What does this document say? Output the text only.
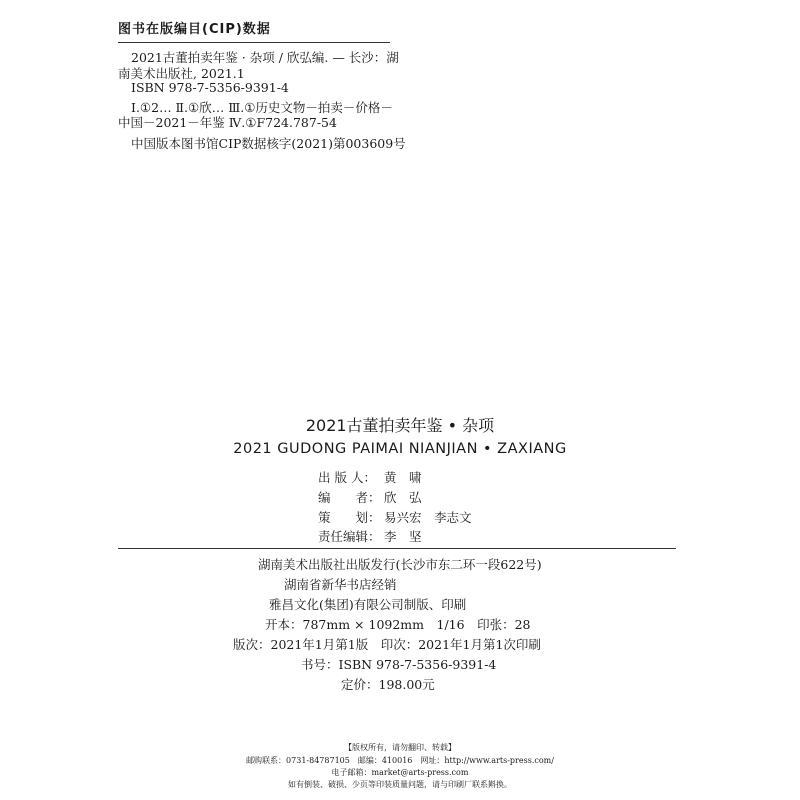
图书在版编目(CIP)数据
2021古董拍卖年鉴 · 杂项 / 欣弘编. — 长沙：湖
南美术出版社, 2021.1
ISBN 978-7-5356-9391-4
Ⅰ.①2… Ⅱ.①欣… Ⅲ.①历史文物－拍卖－价格－
中国－2021－年鉴 Ⅳ.①F724.787-54
中国版本图书馆CIP数据核字(2021)第003609号
2021古董拍卖年鉴 • 杂项
2021 GUDONG PAIMAI NIANJIAN • ZAXIANG
出 版 人： 黄　啸
编　　者： 欣　弘
策　　划： 易兴宏　李志文
责任编辑： 李　坚
湖南美术出版社出版发行(长沙市东二环一段622号)
湖南省新华书店经销
雅昌文化(集团)有限公司制版、印刷
开本：787mm × 1092mm　1/16　印张：28
版次：2021年1月第1版　印次：2021年1月第1次印刷
书号：ISBN 978-7-5356-9391-4
定价：198.00元
【版权所有，请勿翻印、转载】
邮购联系：0731-84787105　邮编：410016　网址：http://www.arts-press.com/
电子邮箱：market@arts-press.com
如有倒装、破损、少页等印装质量问题，请与印刷厂联系斢换。
